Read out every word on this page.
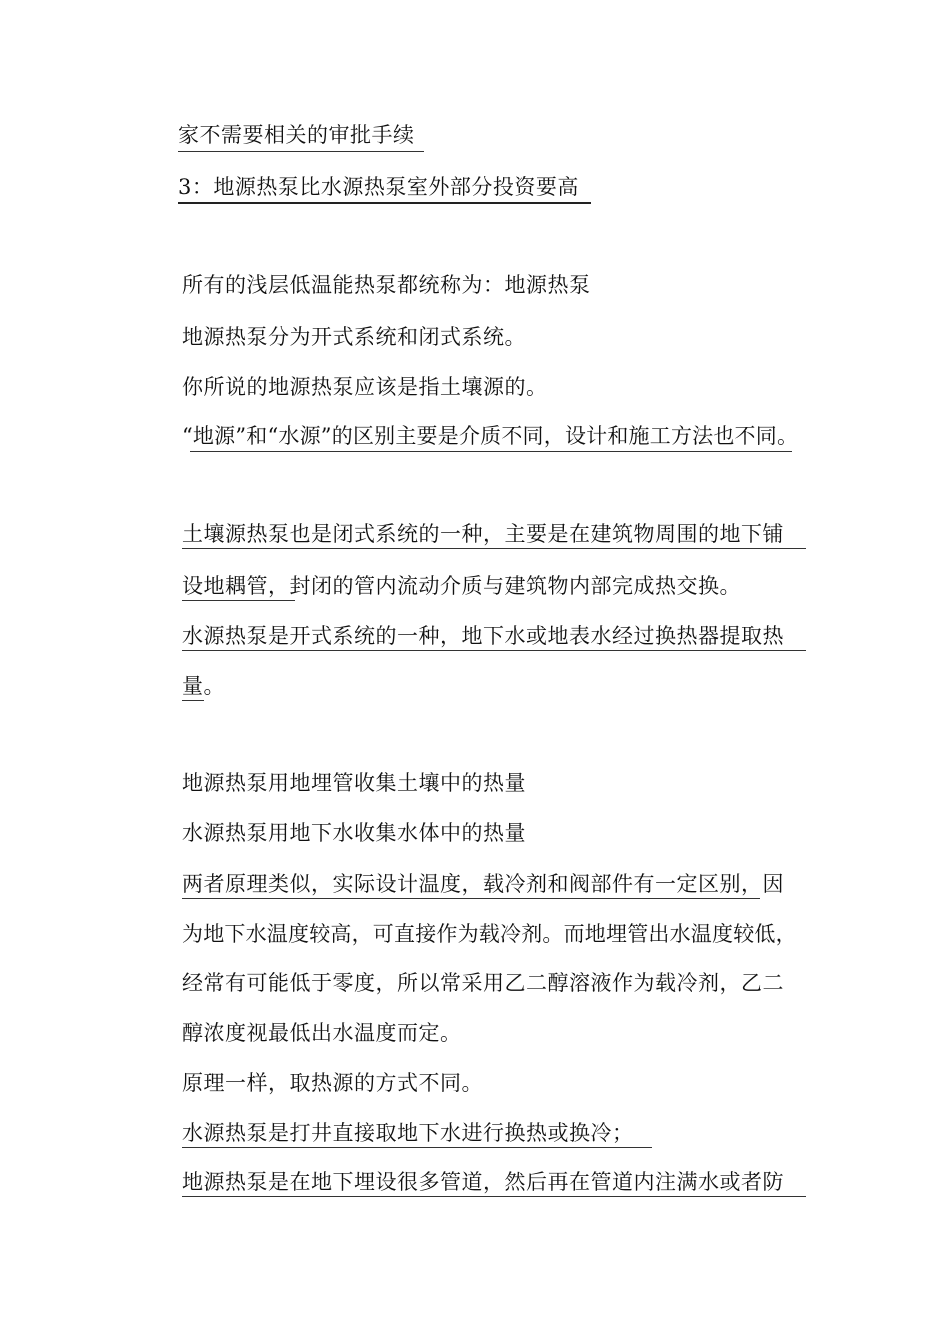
家不需要相关的审批手续
3：地源热泵比水源热泵室外部分投资要高
所有的浅层低温能热泵都统称为：地源热泵
地源热泵分为开式系统和闭式系统。
你所说的地源热泵应该是指土壤源的。
“地源”和“水源”的区别主要是介质不同，设计和施工方法也不同。
土壤源热泵也是闭式系统的一种，主要是在建筑物周围的地下铺
设地耦管，封闭的管内流动介质与建筑物内部完成热交换。
水源热泵是开式系统的一种，地下水或地表水经过换热器提取热
量。
地源热泵用地埋管收集土壤中的热量
水源热泵用地下水收集水体中的热量
两者原理类似，实际设计温度，载冷剂和阀部件有一定区别，因
为地下水温度较高，可直接作为载冷剂。而地埋管出水温度较低，
经常有可能低于零度，所以常采用乙二醇溶液作为载冷剂，乙二
醇浓度视最低出水温度而定。
原理一样，取热源的方式不同。
水源热泵是打井直接取地下水进行换热或换冷；
地源热泵是在地下埋设很多管道，然后再在管道内注满水或者防
